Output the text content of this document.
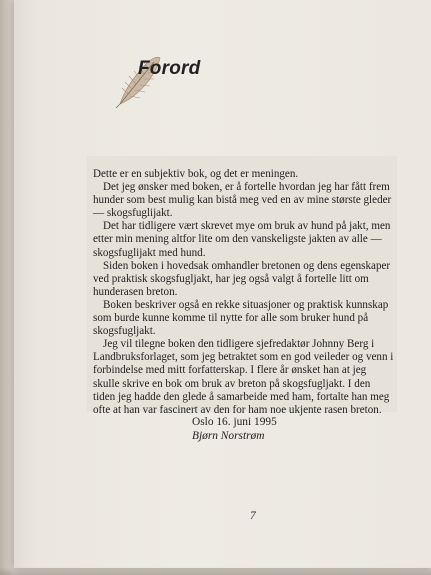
Forord

Dette er en subjektiv bok, og det er meningen.

Det jeg ønsker med boken, er å fortelle hvordan jeg har fått frem hunder som best mulig kan bistå meg ved en av mine største gleder — skogsfuglijakt.

Det har tidligere vært skrevet mye om bruk av hund på jakt, men etter min mening altfor lite om den vanskeligste jakten av alle — skogsfuglijakt med hund.

Siden boken i hovedsak omhandler bretonen og dens egenskaper ved praktisk skogsfugljakt, har jeg også valgt å fortelle litt om hunderasen breton.

Boken beskriver også en rekke situasjoner og praktisk kunnskap som burde kunne komme til nytte for alle som bruker hund på skogsfugljakt.

Jeg vil tilegne boken den tidligere sjefredaktør Johnny Berg i Landbruksforlaget, som jeg betraktet som en god veileder og venn i forbindelse med mitt forfatterskap. I flere år ønsket han at jeg skulle skrive en bok om bruk av breton på skogsfugljakt. I den tiden jeg hadde den glede å samarbeide med ham, fortalte han meg ofte at han var fascinert av den for ham noe ukjente rasen breton.

Oslo 16. juni 1995
Bjørn Norstrøm
7
